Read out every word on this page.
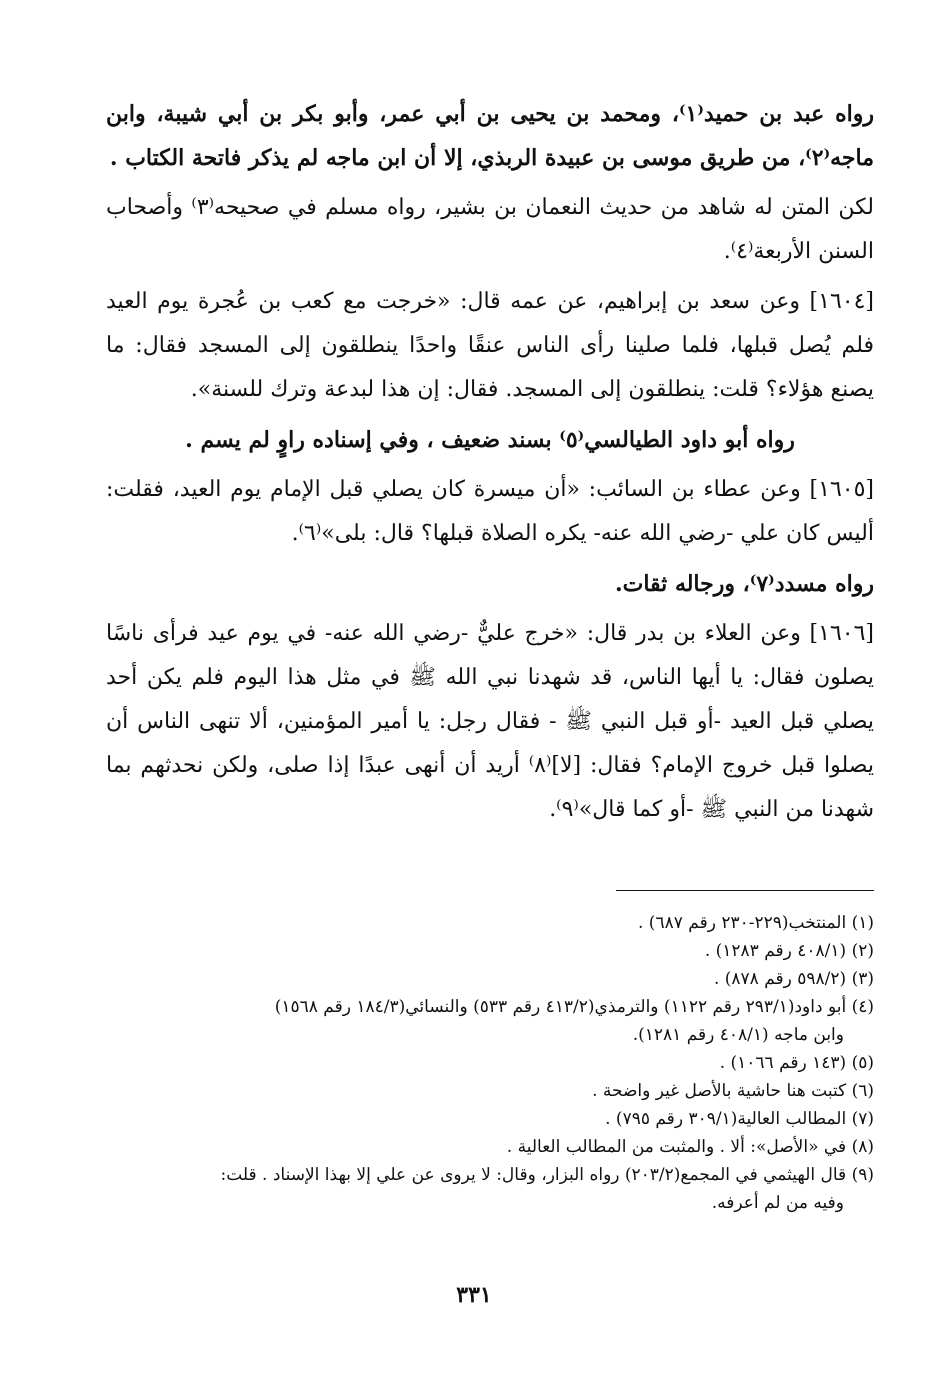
رواه عبد بن حميد⁽١⁾، ومحمد بن يحيى بن أبي عمر، وأبو بكر بن أبي شيبة، وابن ماجه⁽٢⁾، من طريق موسى بن عبيدة الربذي، إلا أن ابن ماجه لم يذكر فاتحة الكتاب .

لكن المتن له شاهد من حديث النعمان بن بشير، رواه مسلم في صحيحه⁽٣⁾ وأصحاب السنن الأربعة⁽٤⁾.

[١٦٠٤] وعن سعد بن إبراهيم، عن عمه قال: «خرجت مع كعب بن عُجرة يوم العيد فلم يُصل قبلها، فلما صلينا رأى الناس عنقًا واحدًا ينطلقون إلى المسجد فقال: ما يصنع هؤلاء؟ قلت: ينطلقون إلى المسجد. فقال: إن هذا لبدعة وترك للسنة».

رواه أبو داود الطيالسي⁽٥⁾ بسند ضعيف ، وفي إسناده راوٍ لم يسم .

[١٦٠٥] وعن عطاء بن السائب: «أن ميسرة كان يصلي قبل الإمام يوم العيد، فقلت: أليس كان علي -رضي الله عنه- يكره الصلاة قبلها؟ قال: بلى»⁽٦⁾.

رواه مسدد⁽٧⁾، ورجاله ثقات.

[١٦٠٦] وعن العلاء بن بدر قال: «خرج عليٌّ -رضي الله عنه- في يوم عيد فرأى ناسًا يصلون فقال: يا أيها الناس، قد شهدنا نبي الله ﷺ في مثل هذا اليوم فلم يكن أحد يصلي قبل العيد -أو قبل النبي ﷺ - فقال رجل: يا أمير المؤمنين، ألا تنهى الناس أن يصلوا قبل خروج الإمام؟ فقال: [لا]⁽٨⁾ أريد أن أنهى عبدًا إذا صلى، ولكن نحدثهم بما شهدنا من النبي ﷺ -أو كما قال»⁽٩⁾.

(١) المنتخب(٢٢٩-٢٣٠ رقم ٦٨٧) .

(٢) (٤٠٨/١ رقم ١٢٨٣) .

(٣) (٥٩٨/٢ رقم ٨٧٨) .

(٤) أبو داود(٢٩٣/١ رقم ١١٢٢) والترمذي(٤١٣/٢ رقم ٥٣٣) والنسائي(١٨٤/٣ رقم ١٥٦٨)
وابن ماجه (٤٠٨/١ رقم ١٢٨١).

(٥) (١٤٣ رقم ١٠٦٦) .

(٦) كتبت هنا حاشية بالأصل غير واضحة .

(٧) المطالب العالية(٣٠٩/١ رقم ٧٩٥) .

(٨) في «الأصل»: ألا . والمثبت من المطالب العالية .

(٩) قال الهيثمي في المجمع(٢٠٣/٢) رواه البزار، وقال: لا يروى عن علي إلا بهذا الإسناد . قلت:
وفيه من لم أعرفه.

٣٣١
